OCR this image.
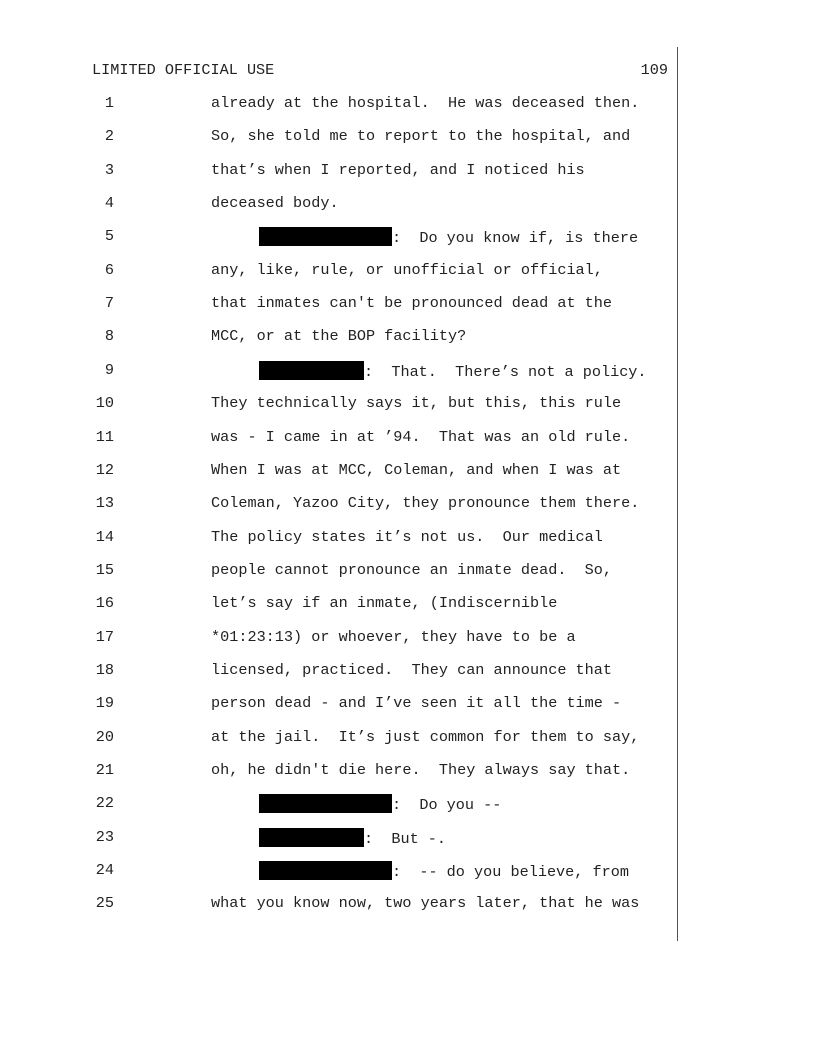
LIMITED OFFICIAL USE	109
1	already at the hospital.  He was deceased then.
2	So, she told me to report to the hospital, and
3	that’s when I reported, and I noticed his
4	deceased body.
5	:  Do you know if, is there
6	any, like, rule, or unofficial or official,
7	that inmates can't be pronounced dead at the
8	MCC, or at the BOP facility?
9	:  That.  There’s not a policy.
10	They technically says it, but this, this rule
11	was - I came in at ’94.  That was an old rule.
12	When I was at MCC, Coleman, and when I was at
13	Coleman, Yazoo City, they pronounce them there.
14	The policy states it’s not us.  Our medical
15	people cannot pronounce an inmate dead.  So,
16	let’s say if an inmate, (Indiscernible
17	*01:23:13) or whoever, they have to be a
18	licensed, practiced.  They can announce that
19	person dead - and I’ve seen it all the time -
20	at the jail.  It’s just common for them to say,
21	oh, he didn't die here.  They always say that.
22	:  Do you --
23	:  But -.
24	:  -- do you believe, from
25	what you know now, two years later, that he was
